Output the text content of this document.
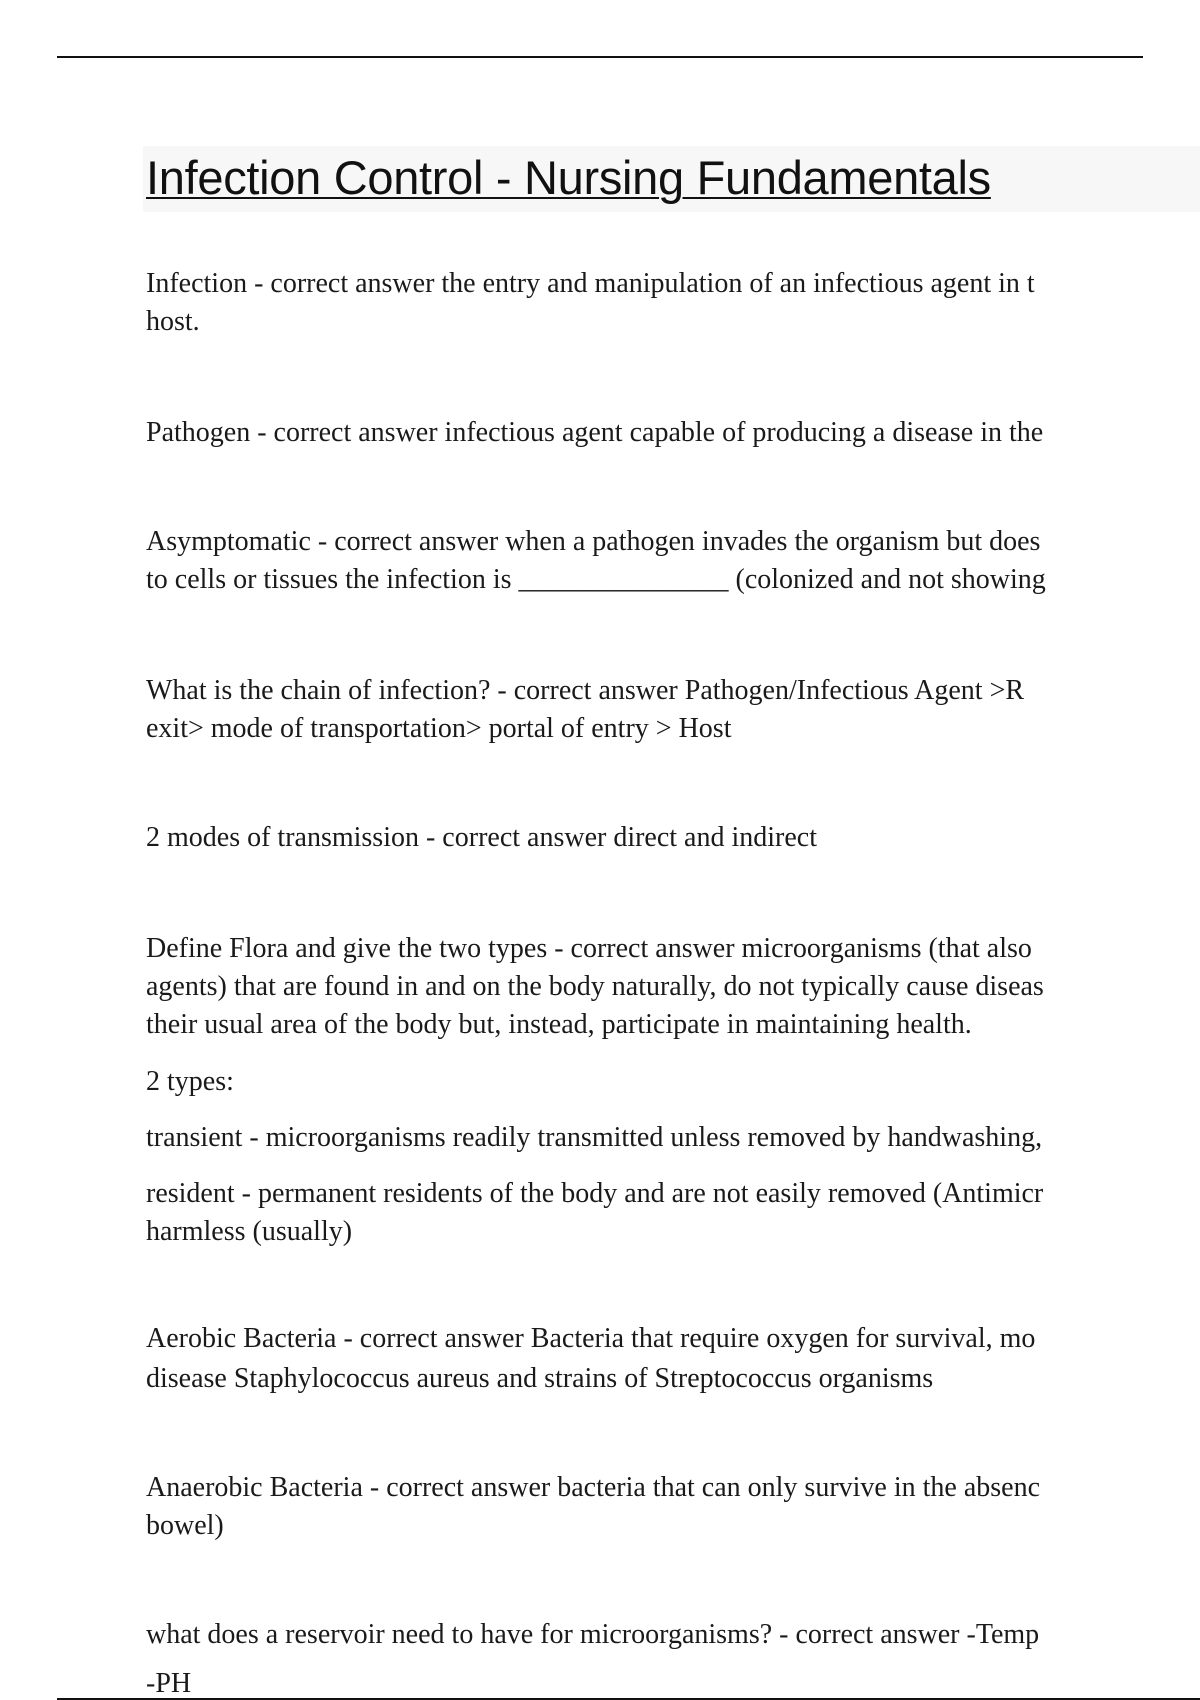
Infection Control - Nursing Fundamentals

Infection - correct answer the entry and manipulation of an infectious agent in t

host.

Pathogen - correct answer infectious agent capable of producing a disease in the

Asymptomatic - correct answer when a pathogen invades the organism but does

to cells or tissues the infection is _______________ (colonized and not showing

What is the chain of infection? - correct answer Pathogen/Infectious Agent >R

exit> mode of transportation> portal of entry > Host

2 modes of transmission - correct answer direct and indirect

Define Flora and give the two types - correct answer microorganisms (that also

agents) that are found in and on the body naturally, do not typically cause diseas

their usual area of the body but, instead, participate in maintaining health.

2 types:

transient - microorganisms readily transmitted unless removed by handwashing,

resident - permanent residents of the body and are not easily removed (Antimicr

harmless (usually)

Aerobic Bacteria - correct answer Bacteria that require oxygen for survival, mo

disease Staphylococcus aureus and strains of Streptococcus organisms

Anaerobic Bacteria - correct answer bacteria that can only survive in the absenc

bowel)

what does a reservoir need to have for microorganisms? - correct answer -Temp

-PH
